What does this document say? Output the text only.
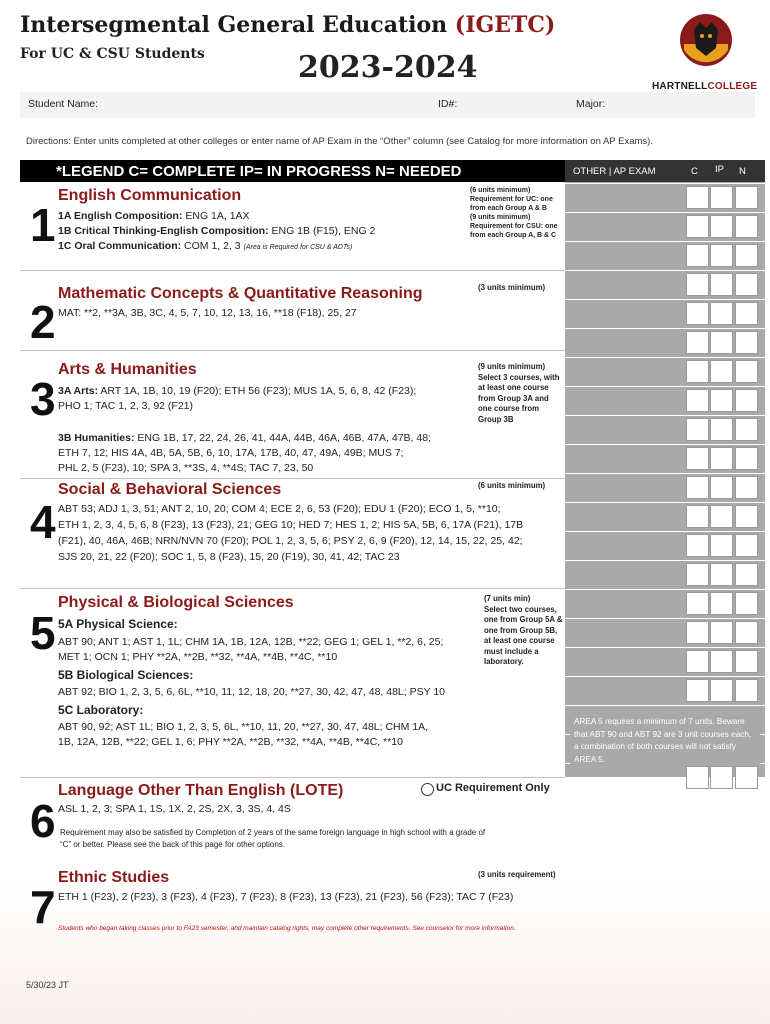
Intersegmental General Education (IGETC)
For UC & CSU Students	2023-2024
HARTNELLCOLLEGE
Student Name:	ID#:	Major:
Directions: Enter units completed at other colleges or enter name of AP Exam in the “Other” column (see Catalog for more information on AP Exams).
*LEGEND C= COMPLETE IP= IN PROGRESS N= NEEDED	OTHER | AP EXAM	C IP N
AREA 5 requires a minimum of 7 units. Beware that ABT 90 and ABT 92 are 3 unit courses each, a combination of both courses will not satisfy AREA 5.
1
English Communication
1A English Composition: ENG 1A, 1AX
1B Critical Thinking-English Composition: ENG 1B (F15), ENG 2
1C Oral Communication: COM 1, 2, 3 (Area is Required for CSU & ADTs)
(6 units minimum)
Requirement for UC: one from each Group A & B
(9 units minimum)
Requirement for CSU: one from each Group A, B & C
2
Mathematic Concepts & Quantitative Reasoning
MAT: **2, **3A, 3B, 3C, 4, 5, 7, 10, 12, 13, 16, **18 (F18), 25, 27
(3 units minimum)
3
Arts & Humanities
3A Arts: ART 1A, 1B, 10, 19 (F20); ETH 56 (F23); MUS 1A, 5, 6, 8, 42 (F23);
PHO 1; TAC 1, 2, 3, 92 (F21)
3B Humanities: ENG 1B, 17, 22, 24, 26, 41, 44A, 44B, 46A, 46B, 47A, 47B, 48;
ETH 7, 12; HIS 4A, 4B, 5A, 5B, 6, 10, 17A, 17B, 40, 47, 49A, 49B; MUS 7;
PHL 2, 5 (F23), 10; SPA 3, **3S, 4, **4S; TAC 7, 23, 50
(9 units minimum)
Select 3 courses, with at least one course from Group 3A and one course from Group 3B
4
Social & Behavioral Sciences
ABT 53; ADJ 1, 3, 51; ANT 2, 10, 20; COM 4; ECE 2, 6, 53 (F20); EDU 1 (F20); ECO 1, 5, **10;
ETH 1, 2, 3, 4, 5, 6, 8 (F23), 13 (F23), 21; GEG 10; HED 7; HES 1, 2; HIS 5A, 5B, 6, 17A (F21), 17B
(F21), 40, 46A, 46B; NRN/NVN 70 (F20); POL 1, 2, 3, 5, 6; PSY 2, 6, 9 (F20), 12, 14, 15, 22, 25, 42;
SJS 20, 21, 22 (F20); SOC 1, 5, 8 (F23), 15, 20 (F19), 30, 41, 42; TAC 23
(6 units minimum)
5
Physical & Biological Sciences
5A Physical Science:
ABT 90; ANT 1; AST 1, 1L; CHM 1A, 1B, 12A, 12B, **22; GEG 1; GEL 1, **2, 6, 25;
MET 1; OCN 1; PHY **2A, **2B, **32, **4A, **4B, **4C, **10
5B Biological Sciences:
ABT 92; BIO 1, 2, 3, 5, 6, 6L, **10, 11, 12, 18, 20, **27, 30, 42, 47, 48, 48L; PSY 10
5C Laboratory:
ABT 90, 92; AST 1L; BIO 1, 2, 3, 5, 6L, **10, 11, 20, **27, 30, 47, 48L; CHM 1A,
1B, 12A, 12B, **22; GEL 1, 6; PHY **2A, **2B, **32, **4A, **4B, **4C, **10
(7 units min)
Select two courses, one from Group 5A & one from Group 5B, at least one course must include a laboratory.
6
Language Other Than English (LOTE)	UC Requirement Only
ASL 1, 2, 3; SPA 1, 1S, 1X, 2, 2S, 2X, 3, 3S, 4, 4S
Requirement may also be satisfied by Completion of 2 years of the same foreign language in high school with a grade of
“C” or better. Please see the back of this page for other options.
7
Ethnic Studies
ETH 1 (F23), 2 (F23), 3 (F23), 4 (F23), 7 (F23), 8 (F23), 13 (F23), 21 (F23), 56 (F23); TAC 7 (F23)
(3 units requirement)
Students who began taking classes prior to FA23 semester, and maintain catalog rights, may complete other requirements. See counselor for more information.
5/30/23 JT
